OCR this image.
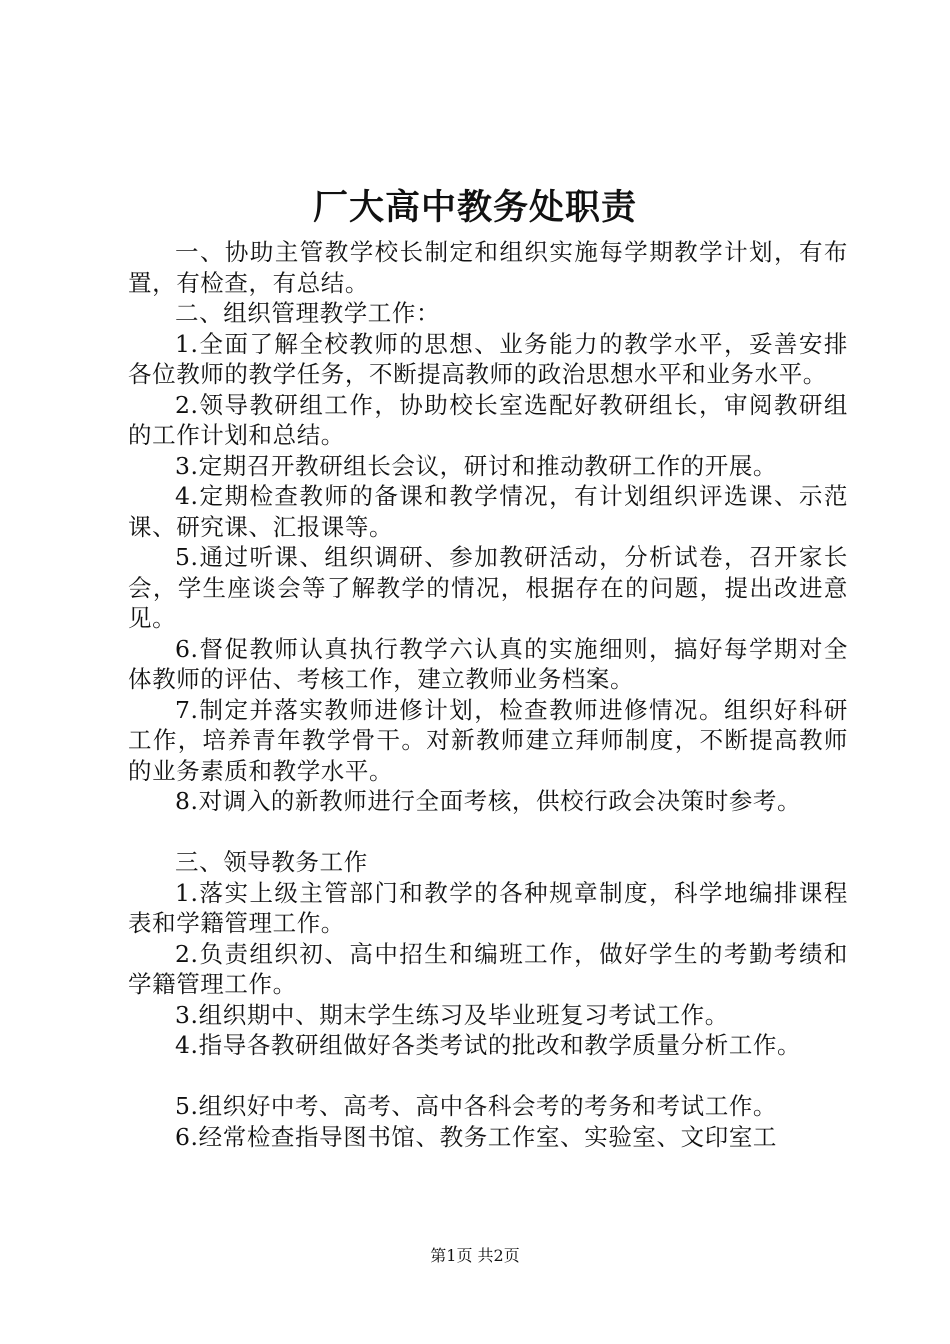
厂大高中教务处职责

一、协助主管教学校长制定和组织实施每学期教学计划，有布置，有检查，有总结。

二、组织管理教学工作：

1.全面了解全校教师的思想、业务能力的教学水平，妥善安排各位教师的教学任务，不断提高教师的政治思想水平和业务水平。

2.领导教研组工作，协助校长室选配好教研组长，审阅教研组的工作计划和总结。

3.定期召开教研组长会议，研讨和推动教研工作的开展。

4.定期检查教师的备课和教学情况，有计划组织评选课、示范课、研究课、汇报课等。

5.通过听课、组织调研、参加教研活动，分析试卷，召开家长会，学生座谈会等了解教学的情况，根据存在的问题，提出改进意见。

6.督促教师认真执行教学六认真的实施细则，搞好每学期对全体教师的评估、考核工作，建立教师业务档案。

7.制定并落实教师进修计划，检查教师进修情况。组织好科研工作，培养青年教学骨干。对新教师建立拜师制度，不断提高教师的业务素质和教学水平。

8.对调入的新教师进行全面考核，供校行政会决策时参考。

三、领导教务工作

1.落实上级主管部门和教学的各种规章制度，科学地编排课程表和学籍管理工作。

2.负责组织初、高中招生和编班工作，做好学生的考勤考绩和学籍管理工作。

3.组织期中、期末学生练习及毕业班复习考试工作。

4.指导各教研组做好各类考试的批改和教学质量分析工作。

5.组织好中考、高考、高中各科会考的考务和考试工作。

6.经常检查指导图书馆、教务工作室、实验室、文印室工

第1页 共2页
